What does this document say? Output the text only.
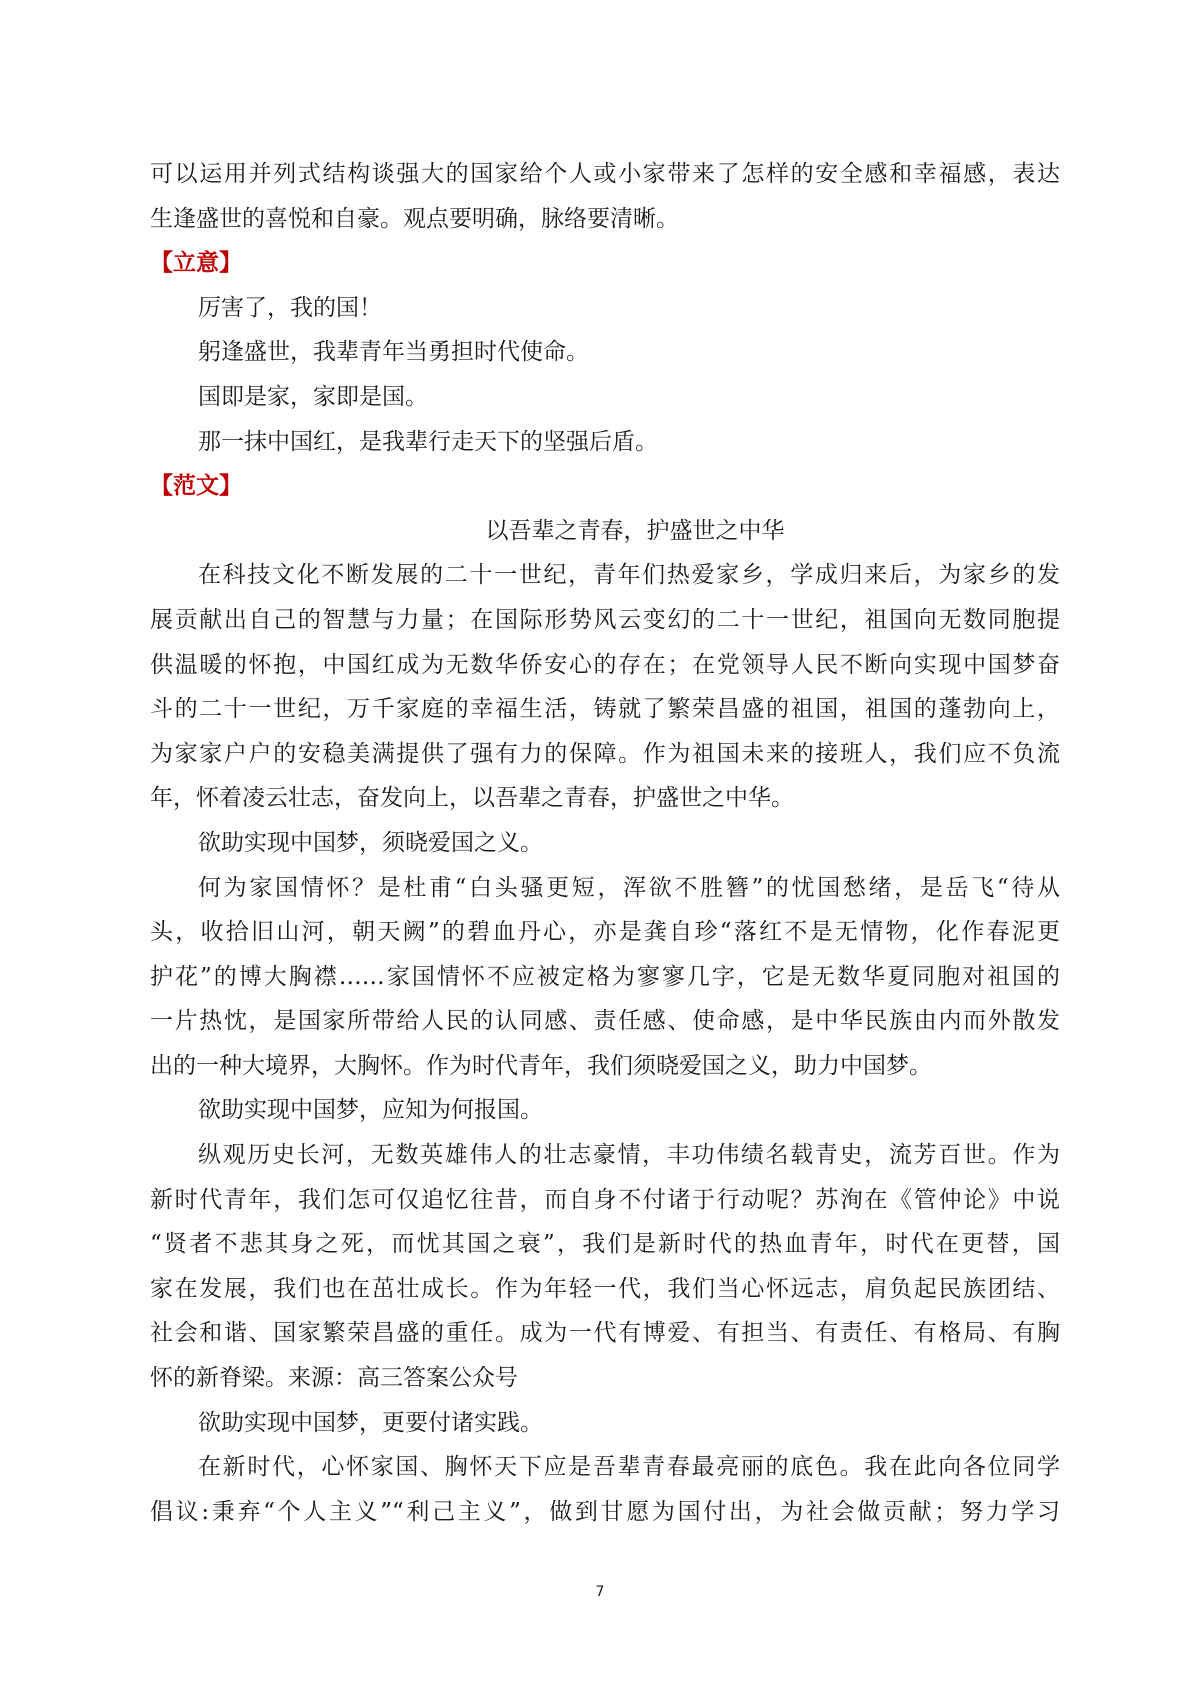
可以运用并列式结构谈强大的国家给个人或小家带来了怎样的安全感和幸福感，表达
生逢盛世的喜悦和自豪。观点要明确，脉络要清晰。
【立意】
厉害了，我的国！
躬逢盛世，我辈青年当勇担时代使命。
国即是家，家即是国。
那一抹中国红，是我辈行走天下的坚强后盾。
【范文】
以吾辈之青春，护盛世之中华
在科技文化不断发展的二十一世纪，青年们热爱家乡，学成归来后，为家乡的发
展贡献出自己的智慧与力量；在国际形势风云变幻的二十一世纪，祖国向无数同胞提
供温暖的怀抱，中国红成为无数华侨安心的存在；在党领导人民不断向实现中国梦奋
斗的二十一世纪，万千家庭的幸福生活，铸就了繁荣昌盛的祖国，祖国的蓬勃向上，
为家家户户的安稳美满提供了强有力的保障。作为祖国未来的接班人，我们应不负流
年，怀着凌云壮志，奋发向上，以吾辈之青春，护盛世之中华。
欲助实现中国梦，须晓爱国之义。
何为家国情怀？是杜甫“白头骚更短，浑欲不胜簪”的忧国愁绪，是岳飞“待从
头，收拾旧山河，朝天阙”的碧血丹心，亦是龚自珍“落红不是无情物，化作春泥更
护花”的博大胸襟……家国情怀不应被定格为寥寥几字，它是无数华夏同胞对祖国的
一片热忱，是国家所带给人民的认同感、责任感、使命感，是中华民族由内而外散发
出的一种大境界，大胸怀。作为时代青年，我们须晓爱国之义，助力中国梦。
欲助实现中国梦，应知为何报国。
纵观历史长河，无数英雄伟人的壮志豪情，丰功伟绩名载青史，流芳百世。作为
新时代青年，我们怎可仅追忆往昔，而自身不付诸于行动呢？苏洵在《管仲论》中说
“贤者不悲其身之死，而忧其国之衰”，我们是新时代的热血青年，时代在更替，国
家在发展，我们也在茁壮成长。作为年轻一代，我们当心怀远志，肩负起民族团结、
社会和谐、国家繁荣昌盛的重任。成为一代有博爱、有担当、有责任、有格局、有胸
怀的新脊梁。来源：高三答案公众号
欲助实现中国梦，更要付诸实践。
在新时代，心怀家国、胸怀天下应是吾辈青春最亮丽的底色。我在此向各位同学
倡议:秉弃“个人主义”“利己主义”，做到甘愿为国付出，为社会做贡献；努力学习
7
